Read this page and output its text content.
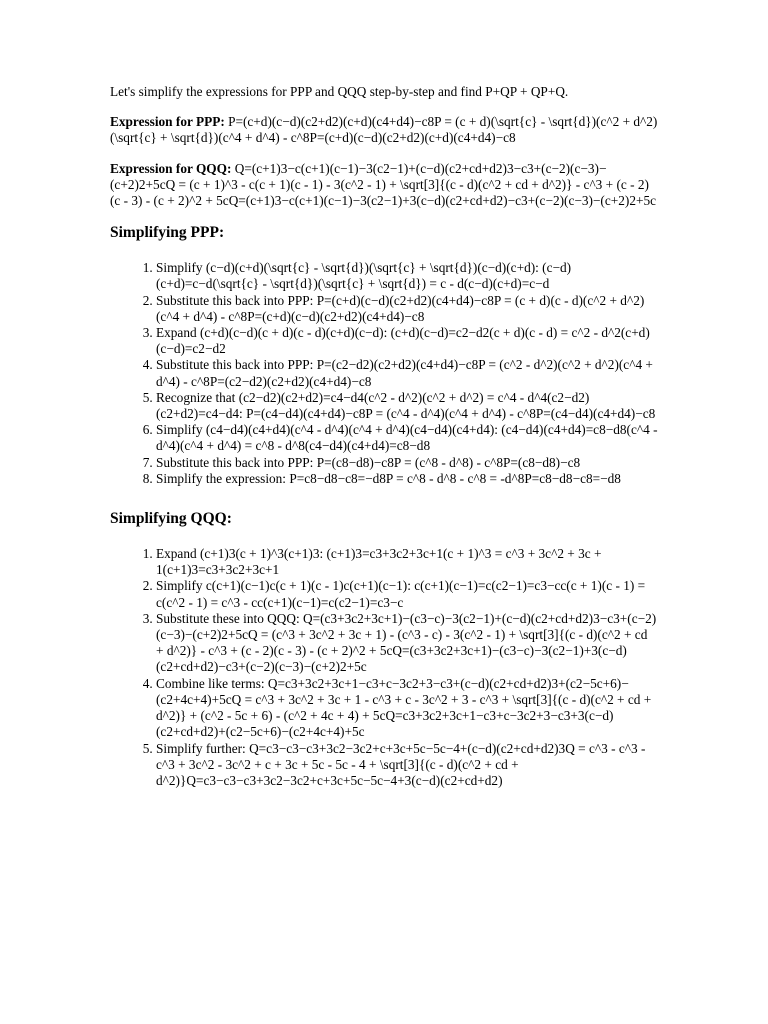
Let's simplify the expressions for PPP and QQQ step-by-step and find P+QP + QP+Q.

Expression for PPP: P=(c+d)(c−d)(c2+d2)(c+d)(c4+d4)−c8P = (c + d)(\sqrt{c} - \sqrt{d})(c^2 + d^2)(\sqrt{c} + \sqrt{d})(c^4 + d^4) - c^8P=(c+d)(c−d)(c2+d2)(c+d)(c4+d4)−c8

Expression for QQQ: Q=(c+1)3−c(c+1)(c−1)−3(c2−1)+(c−d)(c2+cd+d2)3−c3+(c−2)(c−3)−(c+2)2+5cQ = (c + 1)^3 - c(c + 1)(c - 1) - 3(c^2 - 1) + \sqrt[3]{(c - d)(c^2 + cd + d^2)} - c^3 + (c - 2)(c - 3) - (c + 2)^2 + 5cQ=(c+1)3−c(c+1)(c−1)−3(c2−1)+3(c−d)(c2+cd+d2)−c3+(c−2)(c−3)−(c+2)2+5c

Simplifying PPP:
1. Simplify (c−d)(c+d)(\sqrt{c} - \sqrt{d})(\sqrt{c} + \sqrt{d})(c−d)(c+d): (c−d)(c+d)=c−d(\sqrt{c} - \sqrt{d})(\sqrt{c} + \sqrt{d}) = c - d(c−d)(c+d)=c−d
2. Substitute this back into PPP: P=(c+d)(c−d)(c2+d2)(c4+d4)−c8P = (c + d)(c - d)(c^2 + d^2)(c^4 + d^4) - c^8P=(c+d)(c−d)(c2+d2)(c4+d4)−c8
3. Expand (c+d)(c−d)(c + d)(c - d)(c+d)(c−d): (c+d)(c−d)=c2−d2(c + d)(c - d) = c^2 - d^2(c+d)(c−d)=c2−d2
4. Substitute this back into PPP: P=(c2−d2)(c2+d2)(c4+d4)−c8P = (c^2 - d^2)(c^2 + d^2)(c^4 + d^4) - c^8P=(c2−d2)(c2+d2)(c4+d4)−c8
5. Recognize that (c2−d2)(c2+d2)=c4−d4(c^2 - d^2)(c^2 + d^2) = c^4 - d^4(c2−d2)(c2+d2)=c4−d4: P=(c4−d4)(c4+d4)−c8P = (c^4 - d^4)(c^4 + d^4) - c^8P=(c4−d4)(c4+d4)−c8
6. Simplify (c4−d4)(c4+d4)(c^4 - d^4)(c^4 + d^4)(c4−d4)(c4+d4): (c4−d4)(c4+d4)=c8−d8(c^4 - d^4)(c^4 + d^4) = c^8 - d^8(c4−d4)(c4+d4)=c8−d8
7. Substitute this back into PPP: P=(c8−d8)−c8P = (c^8 - d^8) - c^8P=(c8−d8)−c8
8. Simplify the expression: P=c8−d8−c8=−d8P = c^8 - d^8 - c^8 = -d^8P=c8−d8−c8=−d8
Simplifying QQQ:
1. Expand (c+1)3(c + 1)^3(c+1)3: (c+1)3=c3+3c2+3c+1(c + 1)^3 = c^3 + 3c^2 + 3c + 1(c+1)3=c3+3c2+3c+1
2. Simplify c(c+1)(c−1)c(c + 1)(c - 1)c(c+1)(c−1): c(c+1)(c−1)=c(c2−1)=c3−cc(c + 1)(c - 1) = c(c^2 - 1) = c^3 - cc(c+1)(c−1)=c(c2−1)=c3−c
3. Substitute these into QQQ: Q=(c3+3c2+3c+1)−(c3−c)−3(c2−1)+(c−d)(c2+cd+d2)3−c3+(c−2)(c−3)−(c+2)2+5cQ = (c^3 + 3c^2 + 3c + 1) - (c^3 - c) - 3(c^2 - 1) + \sqrt[3]{(c - d)(c^2 + cd + d^2)} - c^3 + (c - 2)(c - 3) - (c + 2)^2 + 5cQ=(c3+3c2+3c+1)−(c3−c)−3(c2−1)+3(c−d)(c2+cd+d2)−c3+(c−2)(c−3)−(c+2)2+5c
4. Combine like terms: Q=c3+3c2+3c+1−c3+c−3c2+3−c3+(c−d)(c2+cd+d2)3+(c2−5c+6)−(c2+4c+4)+5cQ = c^3 + 3c^2 + 3c + 1 - c^3 + c - 3c^2 + 3 - c^3 + \sqrt[3]{(c - d)(c^2 + cd + d^2)} + (c^2 - 5c + 6) - (c^2 + 4c + 4) + 5cQ=c3+3c2+3c+1−c3+c−3c2+3−c3+3(c−d)(c2+cd+d2)+(c2−5c+6)−(c2+4c+4)+5c
5. Simplify further: Q=c3−c3−c3+3c2−3c2+c+3c+5c−5c−4+(c−d)(c2+cd+d2)3Q = c^3 - c^3 - c^3 + 3c^2 - 3c^2 + c + 3c + 5c - 5c - 4 + \sqrt[3]{(c - d)(c^2 + cd + d^2)}Q=c3−c3−c3+3c2−3c2+c+3c+5c−5c−4+3(c−d)(c2+cd+d2)
